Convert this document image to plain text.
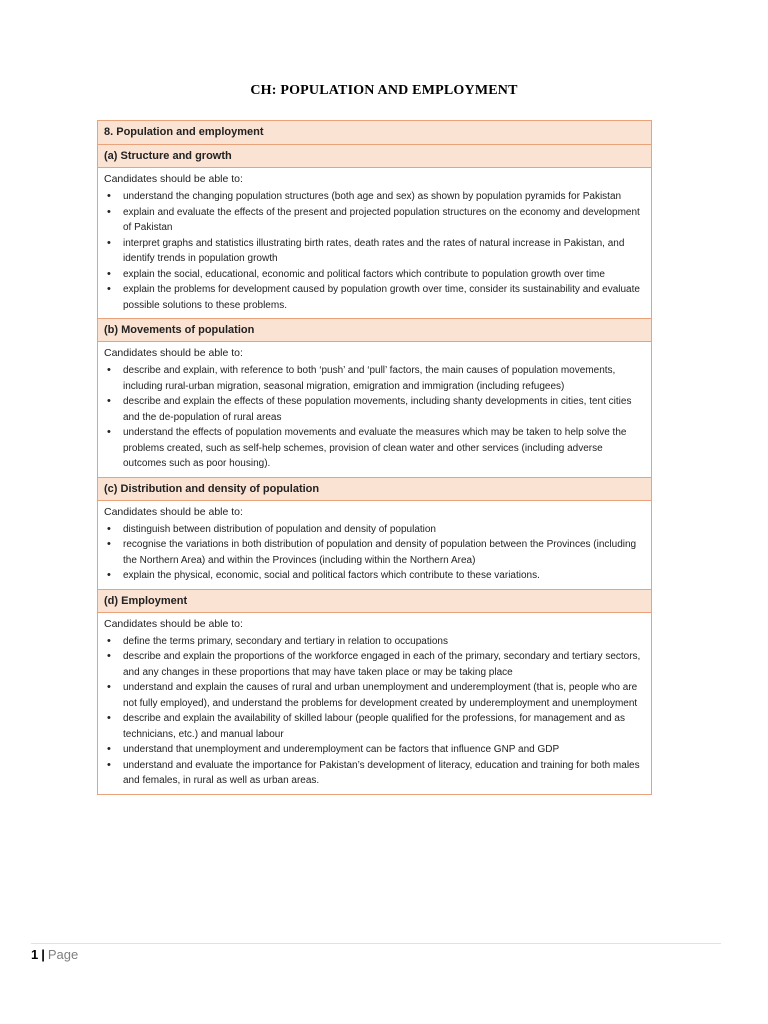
CH: POPULATION AND EMPLOYMENT
8. Population and employment
(a) Structure and growth
Candidates should be able to:
• understand the changing population structures (both age and sex) as shown by population pyramids for Pakistan
• explain and evaluate the effects of the present and projected population structures on the economy and development of Pakistan
• interpret graphs and statistics illustrating birth rates, death rates and the rates of natural increase in Pakistan, and identify trends in population growth
• explain the social, educational, economic and political factors which contribute to population growth over time
• explain the problems for development caused by population growth over time, consider its sustainability and evaluate possible solutions to these problems.
(b) Movements of population
Candidates should be able to:
• describe and explain, with reference to both ‘push’ and ‘pull’ factors, the main causes of population movements, including rural-urban migration, seasonal migration, emigration and immigration (including refugees)
• describe and explain the effects of these population movements, including shanty developments in cities, tent cities and the de-population of rural areas
• understand the effects of population movements and evaluate the measures which may be taken to help solve the problems created, such as self-help schemes, provision of clean water and other services (including adverse outcomes such as poor housing).
(c) Distribution and density of population
Candidates should be able to:
• distinguish between distribution of population and density of population
• recognise the variations in both distribution of population and density of population between the Provinces (including the Northern Area) and within the Provinces (including within the Northern Area)
• explain the physical, economic, social and political factors which contribute to these variations.
(d) Employment
Candidates should be able to:
• define the terms primary, secondary and tertiary in relation to occupations
• describe and explain the proportions of the workforce engaged in each of the primary, secondary and tertiary sectors, and any changes in these proportions that may have taken place or may be taking place
• understand and explain the causes of rural and urban unemployment and underemployment (that is, people who are not fully employed), and understand the problems for development created by underemployment and unemployment
• describe and explain the availability of skilled labour (people qualified for the professions, for management and as technicians, etc.) and manual labour
• understand that unemployment and underemployment can be factors that influence GNP and GDP
• understand and evaluate the importance for Pakistan’s development of literacy, education and training for both males and females, in rural as well as urban areas.
1 | Page
